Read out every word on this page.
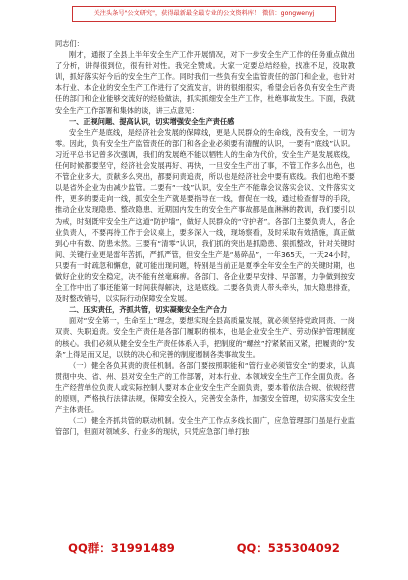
关注头条号"公文研究"，获得最新最全最专业的公文资料库！ 微信：gongwenyj

同志们：

刚才，通报了全县上半年安全生产工作开展情况，对下一步安全生产工作的任务重点做出了分析，讲得很到位，很有针对性。我完全赞成。大家一定要总结经验，找准不足，没取教训，抓好落实好今后的安全生产工作。同时我们一些负有安全监管责任的部门和企业，也针对本行业、本企业的安全生产工作进行了交流发言，讲的很细很实，希望会后各负有安全生产责任的部门和企业能够交流好的经验做法，抓实抓细安全生产工作，杜绝事故发生。下面，我就安全生产工作部署和集体的谈，讲三点意见：

一、正视问题、提高认识，切实增强安全生产责任感

安全生产是底线，是经济社会发展的保障线，更是人民群众的生命线，没有安全，一切为零。因此，负有安全生产监管责任的部门和各企业必须要有清醒的认识，一要有“底线”认识。习近平总书记曾多次强调，我们的发展绝不能以牺牲人的生命为代价，安全生产是发展底线，任何时候都要坚守，经济社会发展再好、再快，一旦安全生产出了事，不管工作多么出色，也不管企业多大，贡献多么突出，都要问责追责，所以也是经济社会中要有底线。我们也绝不要以是省外企业为由减少监管。二要有“一线”认识，安全生产不能靠会议落实会议、文件落实文件，更多的要走向一线，抓安全生产就是要指导在一线，督促在一线，通过检查督导的手段，推动企业发现隐患、整改隐患、近期国内发生的安全生产事故都是血淋淋的教训，我们要引以为戒，时刻既牢安全生产这道“防护墙”，做好人民群众的“守护者”。各部门主要负责人，各企业负责人，不要再待工作于会议桌上，要多深入一线，现场察看，及时采取有效措施，真正做到心中有数、防患未然。三要有“清零”认识，我们抓的突出是抓隐患、狠抓整改，针对关键时间、关键行业更是雷年苦抓，严抓严管，但安全生产是“易碎品”，一年365天，一天24小时，只要有一时疏忽和懈怠，就可能出现问题，特别是当前正是夏季全年安全生产的关键时期，也做好企业的安全稳定，决不能有丝毫麻痹。各部门、各企业要早安排、早部署，力争做到按安全工作中出了事还能第一时间获得解决，这是底线。二要各负责人带头牵头，加大隐患排查，及时整改销号，以实际行动保障安全发展。

二、压实责任，齐抓共管，切实凝聚安全生产合力

面对“安全第一，生命至上”理念，要想实现全县高质量发展，就必须坚持党政同责、一岗双责、失职追责。安全生产责任是各部门履职的根本，也是企业安全生产、劳动保护管理制度的核心。我们必须从健全安全生产责任体系入手，把制度的“螺丝”拧紧紧而又紧，把履责的“发条”上得足而又足，以铁的决心和完善的制度遏制各类事故发生。

（一）健全各负其责的责任机制。各部门要按照职能和“管行业必须管安全”的要求，认真贯彻中央、省、州、县对安全生产的工作部署，对本行业、本领域安全生产工作全面负责。各生产经营单位负责人或实际控制人要对本企业安全生产全面负责，要本着依法合规、依规经营的原则，严格执行法律法规，保障安全投入，完善安全条件，加强安全管理，切实落实安全生产主体责任。

（二）健全齐抓共管的联动机制。安全生产工作点多线长面广，应急管理部门虽是行业监管部门，但面对领域多、行业多的现状，只凭应急部门单打独

QQ群：31991489	QQ：535304092
